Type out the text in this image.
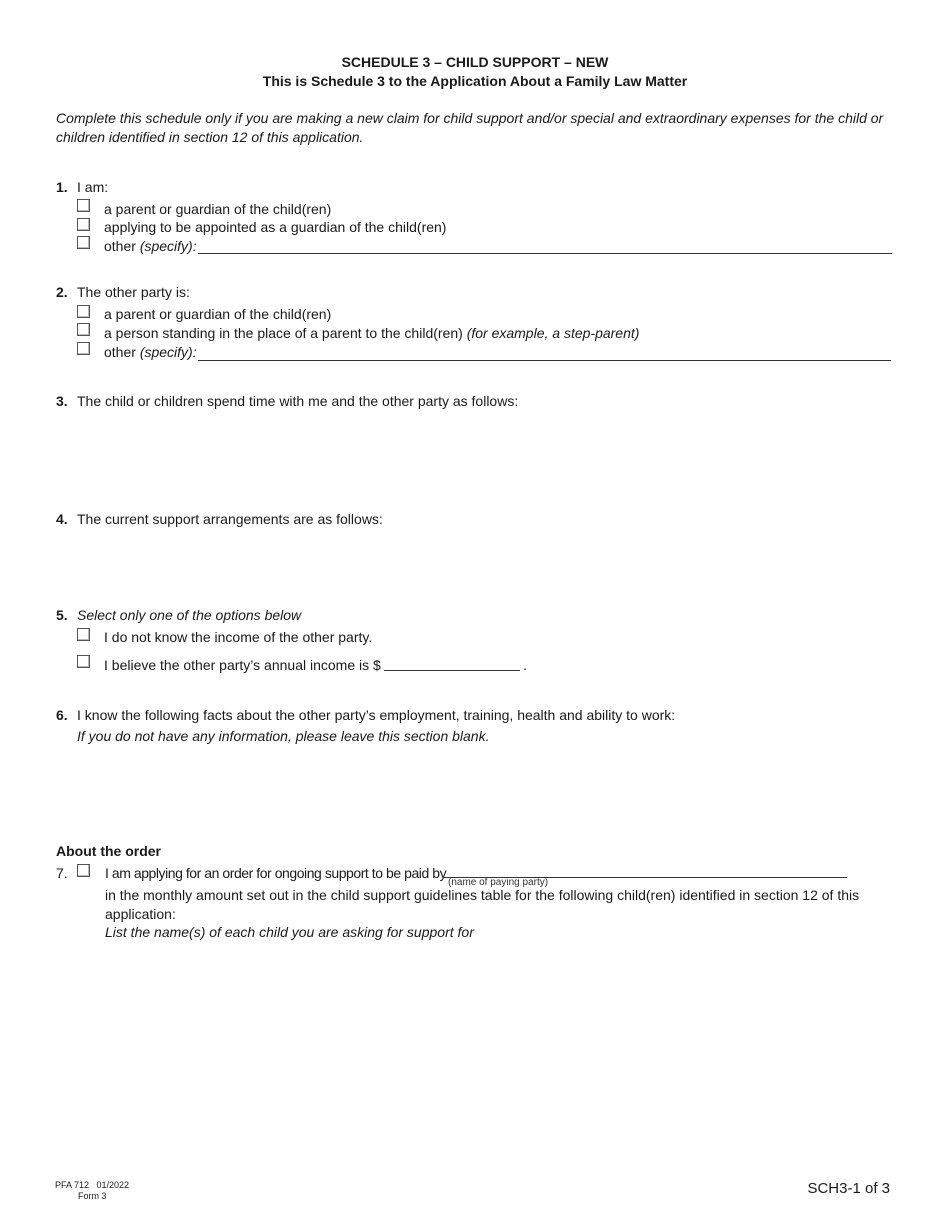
SCHEDULE 3 – CHILD SUPPORT – NEW
This is Schedule 3 to the Application About a Family Law Matter
Complete this schedule only if you are making a new claim for child support and/or special and extraordinary expenses for the child or children identified in section 12 of this application.
1. I am:
a parent or guardian of the child(ren)
applying to be appointed as a guardian of the child(ren)
other (specify):
2. The other party is:
a parent or guardian of the child(ren)
a person standing in the place of a parent to the child(ren) (for example, a step-parent)
other (specify):
3. The child or children spend time with me and the other party as follows:
4. The current support arrangements are as follows:
5. Select only one of the options below
I do not know the income of the other party.
I believe the other party’s annual income is $	.
6. I know the following facts about the other party’s employment, training, health and ability to work:
If you do not have any information, please leave this section blank.
About the order
7.	I am applying for an order for ongoing support to be paid by
(name of paying party)
in the monthly amount set out in the child support guidelines table for the following child(ren) identified in section 12 of this
application:
List the name(s) of each child you are asking for support for
PFA 712   01/2022
Form 3	SCH3-1 of 3
